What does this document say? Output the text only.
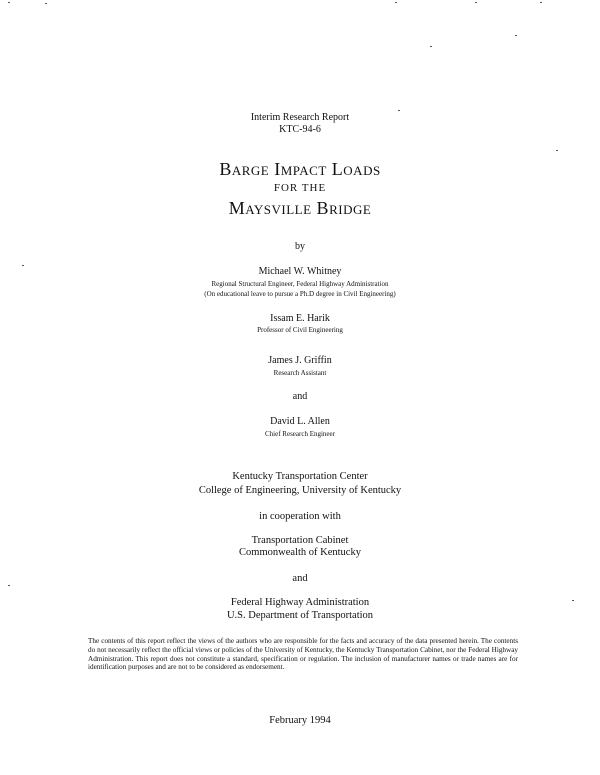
Interim Research Report
KTC-94-6
Barge Impact Loads
FOR THE
Maysville Bridge
by
Michael W. Whitney
Regional Structural Engineer, Federal Highway Administration
(On educational leave to pursue a Ph.D degree in Civil Engineering)
Issam E. Harik
Professor of Civil Engineering
James J. Griffin
Research Assistant
and
David L. Allen
Chief Research Engineer
Kentucky Transportation Center
College of Engineering, University of Kentucky
in cooperation with
Transportation Cabinet
Commonwealth of Kentucky
and
Federal Highway Administration
U.S. Department of Transportation
The contents of this report reflect the views of the authors who are responsible for the facts and accuracy of the data presented herein. The contents do not necessarily reflect the official views or policies of the University of Kentucky, the Kentucky Transportation Cabinet, nor the Federal Highway Administration. This report does not constitute a standard, specification or regulation. The inclusion of manufacturer names or trade names are for identification purposes and are not to be considered as endorsement.
February 1994
